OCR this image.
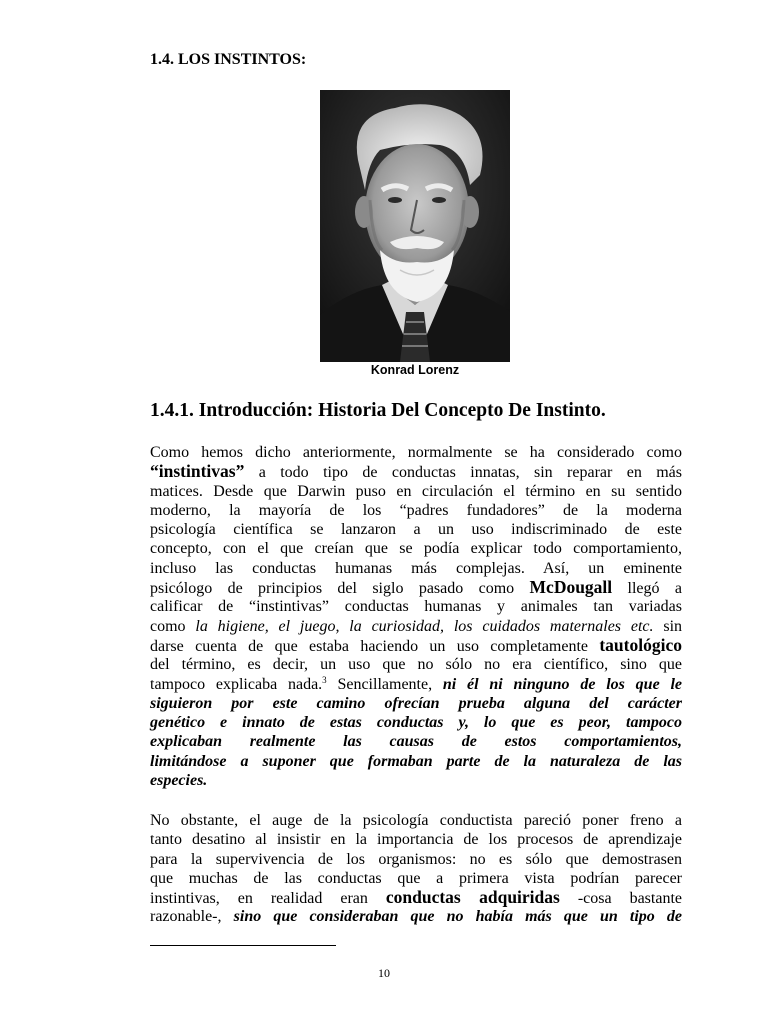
1.4. LOS INSTINTOS:
Konrad Lorenz
1.4.1. Introducción: Historia Del Concepto De Instinto.

Como hemos dicho anteriormente, normalmente se ha considerado como
“instintivas” a todo tipo de conductas innatas, sin reparar en más
matices. Desde que Darwin puso en circulación el término en su sentido
moderno, la mayoría de los “padres fundadores” de la moderna
psicología científica se lanzaron a un uso indiscriminado de este
concepto, con el que creían que se podía explicar todo comportamiento,
incluso las conductas humanas más complejas. Así, un eminente
psicólogo de principios del siglo pasado como McDougall llegó a
calificar de “instintivas” conductas humanas y animales tan variadas
como la higiene, el juego, la curiosidad, los cuidados maternales etc. sin
darse cuenta de que estaba haciendo un uso completamente tautológico
del término, es decir, un uso que no sólo no era científico, sino que
tampoco explicaba nada.$^3$ Sencillamente, ni él ni ninguno de los que le
siguieron por este camino ofrecían prueba alguna del carácter
genético e innato de estas conductas y, lo que es peor, tampoco
explicaban realmente las causas de estos comportamientos,
limitándose a suponer que formaban parte de la naturaleza de las
especies.

No obstante, el auge de la psicología conductista pareció poner freno a
tanto desatino al insistir en la importancia de los procesos de aprendizaje
para la supervivencia de los organismos: no es sólo que demostrasen
que muchas de las conductas que a primera vista podrían parecer
instintivas, en realidad eran conductas adquiridas -cosa bastante
razonable-, sino que consideraban que no había más que un tipo de

10
